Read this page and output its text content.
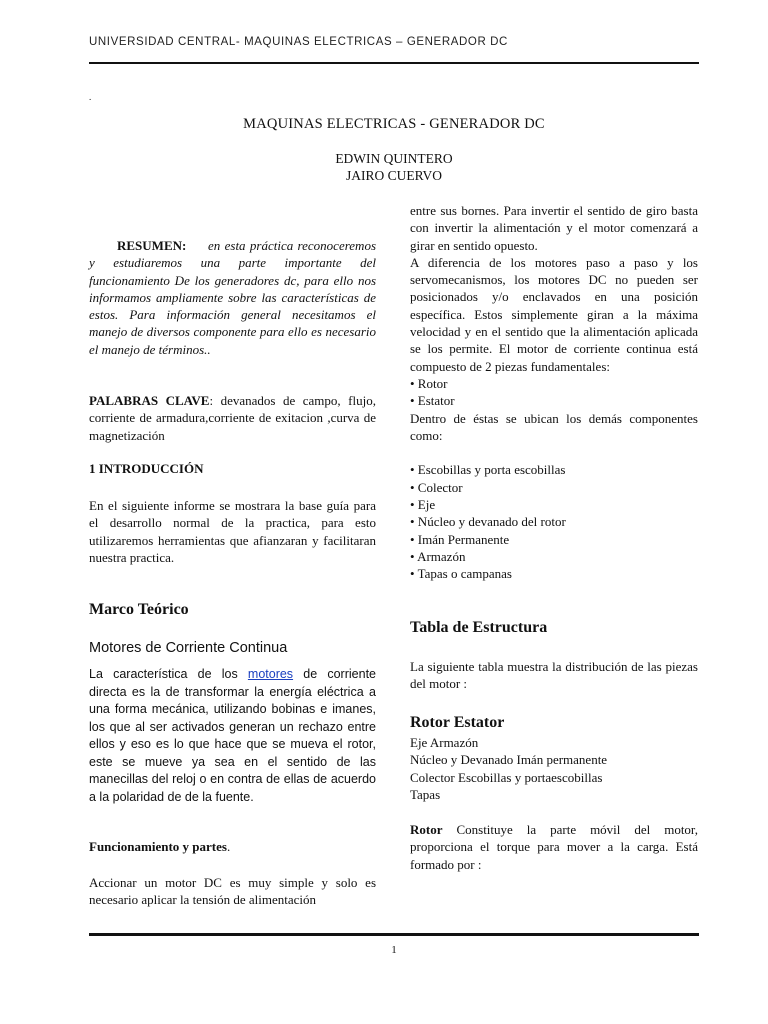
UNIVERSIDAD CENTRAL- MAQUINAS ELECTRICAS – GENERADOR DC
.
MAQUINAS ELECTRICAS - GENERADOR DC
EDWIN QUINTERO
JAIRO CUERVO

RESUMEN: en esta práctica reconoceremos y estudiaremos una parte importante del funcionamiento De los generadores dc, para ello nos informamos ampliamente sobre las características de estos. Para información general necesitamos el manejo de diversos componente para ello es necesario el manejo de términos..

PALABRAS CLAVE: devanados de campo, flujo, corriente de armadura,corriente de exitacion ,curva de magnetización

1 INTRODUCCIÓN

En el siguiente informe se mostrara la base guía para el desarrollo normal de la practica, para esto utilizaremos herramientas que afianzaran y facilitaran nuestra practica.

Marco Teórico

Motores de Corriente Continua

La característica de los motores de corriente directa es la de transformar la energía eléctrica a una forma mecánica, utilizando bobinas e imanes, los que al ser activados generan un rechazo entre ellos y eso es lo que hace que se mueva el rotor, este se mueve ya sea en el sentido de las manecillas del reloj o en contra de ellas de acuerdo a la polaridad de de la fuente.

Funcionamiento y partes.

Accionar un motor DC es muy simple y solo es necesario aplicar la tensión de alimentación

entre sus bornes. Para invertir el sentido de giro basta con invertir la alimentación y el motor comenzará a girar en sentido opuesto.

A diferencia de los motores paso a paso y los servomecanismos, los motores DC no pueden ser posicionados y/o enclavados en una posición específica. Estos simplemente giran a la máxima velocidad y en el sentido que la alimentación aplicada se los permite. El motor de corriente continua está compuesto de 2 piezas fundamentales:

• Rotor
• Estator

Dentro de éstas se ubican los demás componentes como:

• Escobillas y porta escobillas
• Colector
• Eje
• Núcleo y devanado del rotor
• Imán Permanente
• Armazón
• Tapas o campanas

Tabla de Estructura

La siguiente tabla muestra la distribución de las piezas del motor :

Rotor Estator

Eje Armazón
Núcleo y Devanado Imán permanente
Colector Escobillas y portaescobillas
Tapas

Rotor Constituye la parte móvil del motor, proporciona el torque para mover a la carga. Está formado por :

1
